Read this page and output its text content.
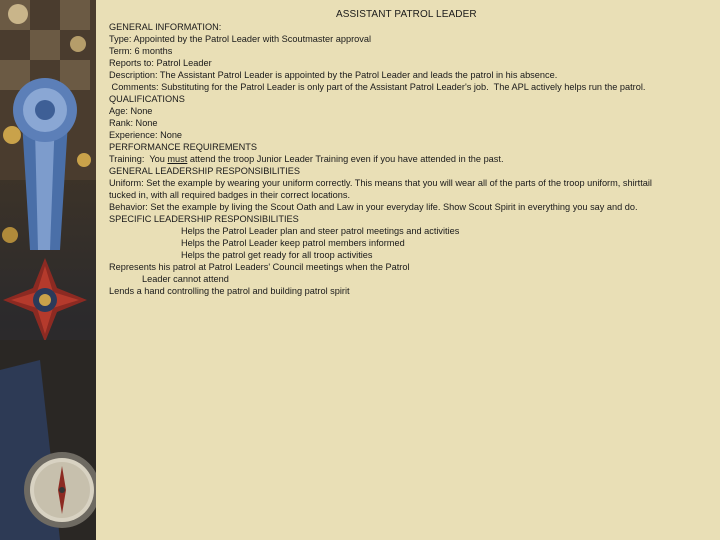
ASSISTANT PATROL LEADER
GENERAL INFORMATION:
Type: Appointed by the Patrol Leader with Scoutmaster approval
Term: 6 months
Reports to: Patrol Leader
Description: The Assistant Patrol Leader is appointed by the Patrol Leader and leads the patrol in his absence.
Comments: Substituting for the Patrol Leader is only part of the Assistant Patrol Leader's job.  The APL actively helps run the patrol.
QUALIFICATIONS
Age: None
Rank: None
Experience: None
PERFORMANCE REQUIREMENTS
Training:  You must attend the troop Junior Leader Training even if you have attended in the past.
GENERAL LEADERSHIP RESPONSIBILITIES
Uniform: Set the example by wearing your uniform correctly. This means that you will wear all of the parts of the troop uniform, shirttail
tucked in, with all required badges in their correct locations.
Behavior: Set the example by living the Scout Oath and Law in your everyday life. Show Scout Spirit in everything you say and do.
SPECIFIC LEADERSHIP RESPONSIBILITIES
Helps the Patrol Leader plan and steer patrol meetings and activities
Helps the Patrol Leader keep patrol members informed
Helps the patrol get ready for all troop activities
Represents his patrol at Patrol Leaders' Council meetings when the Patrol
Leader cannot attend
Lends a hand controlling the patrol and building patrol spirit
